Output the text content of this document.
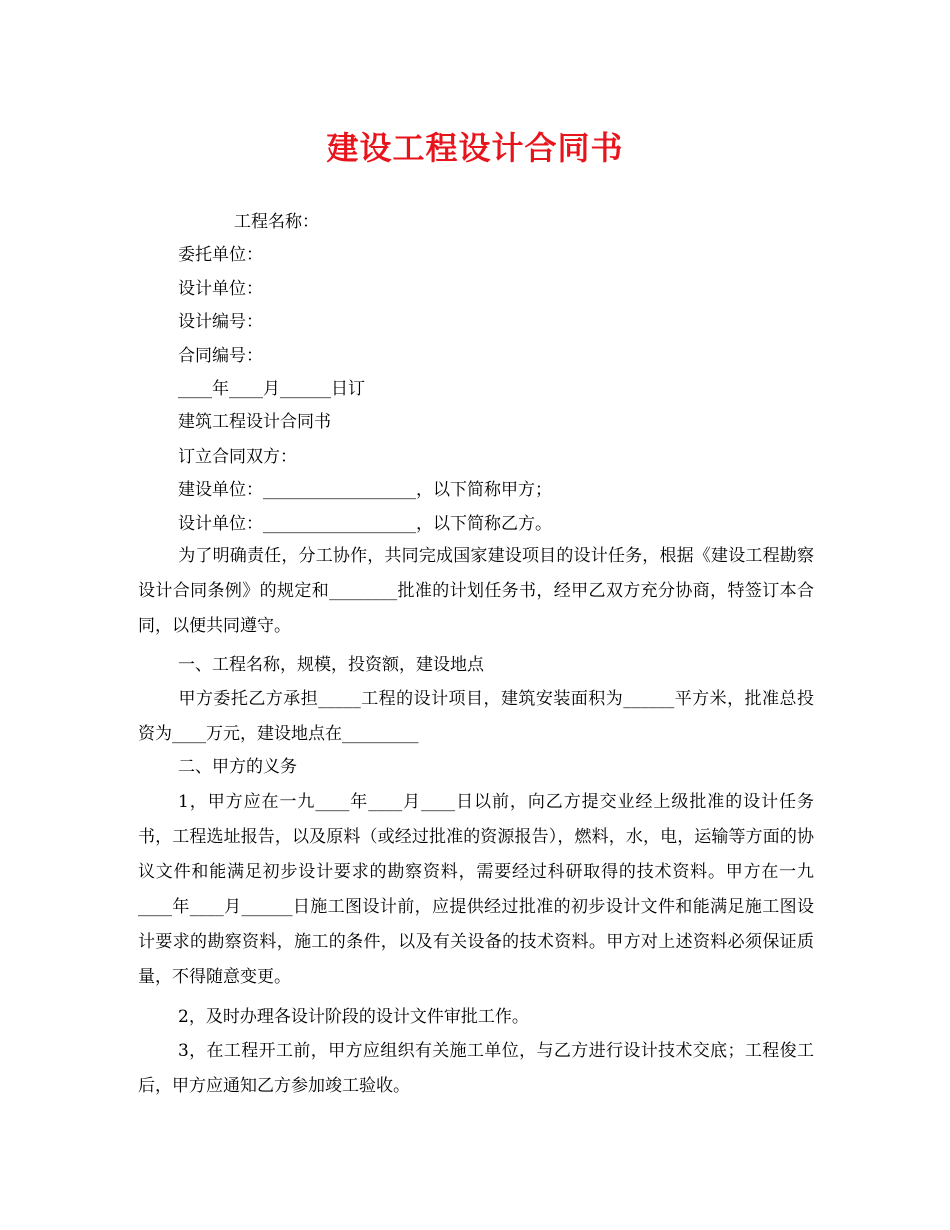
建设工程设计合同书
工程名称：
委托单位：
设计单位：
设计编号：
合同编号：
____年____月______日订
建筑工程设计合同书
订立合同双方：
建设单位：__________________，以下简称甲方；
设计单位：__________________，以下简称乙方。
为了明确责任，分工协作，共同完成国家建设项目的设计任务，根据《建设工程勘察设计合同条例》的规定和________批准的计划任务书，经甲乙双方充分协商，特签订本合同，以便共同遵守。
一、工程名称，规模，投资额，建设地点
甲方委托乙方承担_____工程的设计项目，建筑安装面积为______平方米，批准总投资为____万元，建设地点在_________
二、甲方的义务
1，甲方应在一九____年____月____日以前，向乙方提交业经上级批准的设计任务书，工程选址报告，以及原料（或经过批准的资源报告），燃料，水，电，运输等方面的协议文件和能满足初步设计要求的勘察资料，需要经过科研取得的技术资料。甲方在一九____年____月______日施工图设计前，应提供经过批准的初步设计文件和能满足施工图设计要求的勘察资料，施工的条件，以及有关设备的技术资料。甲方对上述资料必须保证质量，不得随意变更。
2，及时办理各设计阶段的设计文件审批工作。
3，在工程开工前，甲方应组织有关施工单位，与乙方进行设计技术交底；工程俊工后，甲方应通知乙方参加竣工验收。
